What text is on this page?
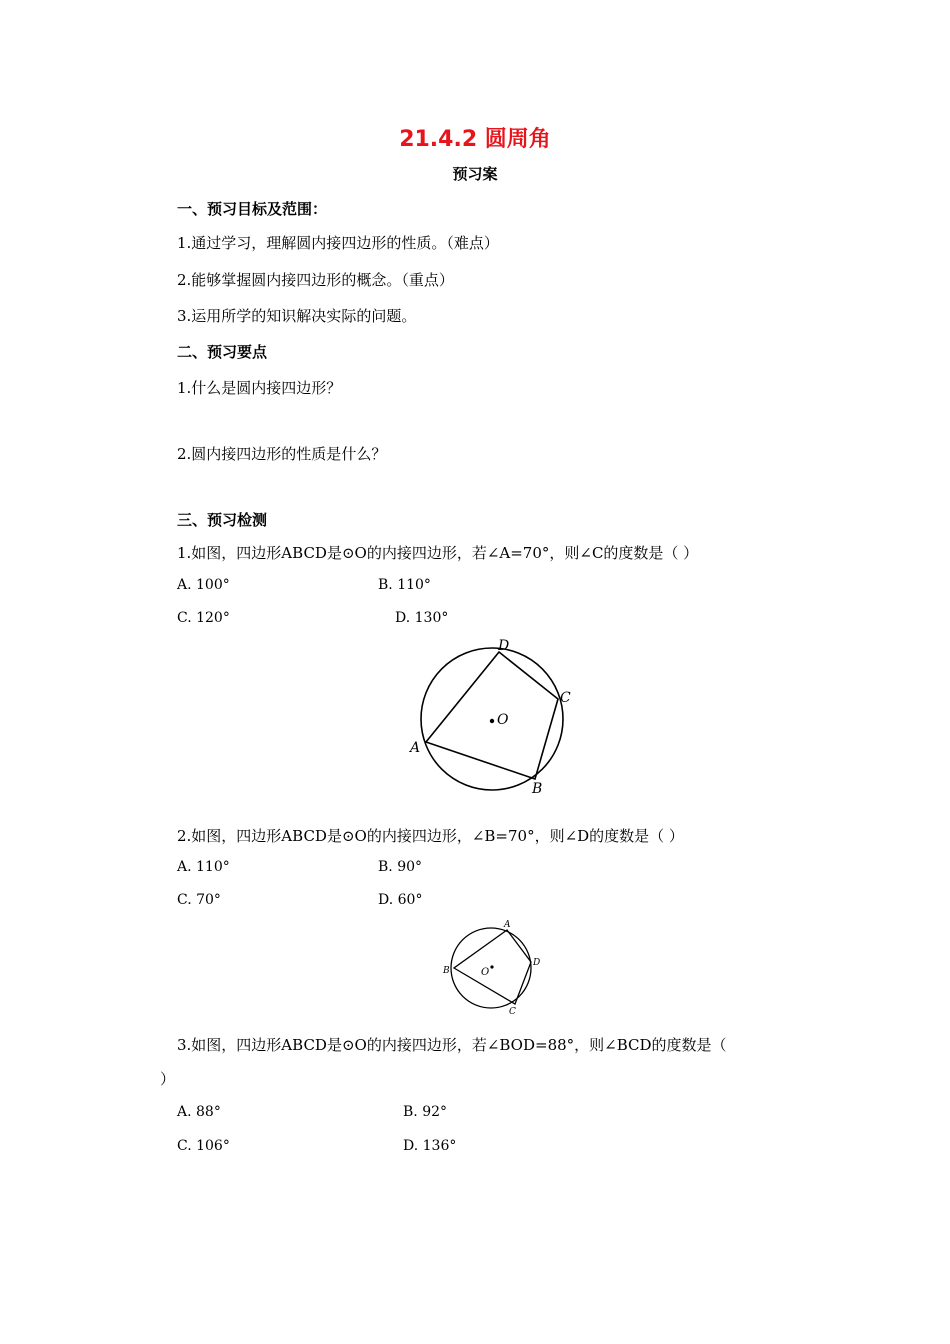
21.4.2 圆周角
预习案
一、预习目标及范围：
1.通过学习，理解圆内接四边形的性质。（难点）
2.能够掌握圆内接四边形的概念。（重点）
3.运用所学的知识解决实际的问题。
二、预习要点
1.什么是圆内接四边形？
2.圆内接四边形的性质是什么？
三、预习检测
1.如图，四边形ABCD是⊙O的内接四边形，若∠A=70°，则∠C的度数是（ ）
A. 100°	B. 110°
C. 120°	D. 130°
A
B
C
D
O
2.如图，四边形ABCD是⊙O的内接四边形，∠B=70°，则∠D的度数是（ ）
A. 110°	B. 90°
C. 70°	D. 60°
A
B
C
D
O
3.如图，四边形ABCD是⊙O的内接四边形，若∠BOD=88°，则∠BCD的度数是（
）
A. 88°	B. 92°
C. 106°	D. 136°
